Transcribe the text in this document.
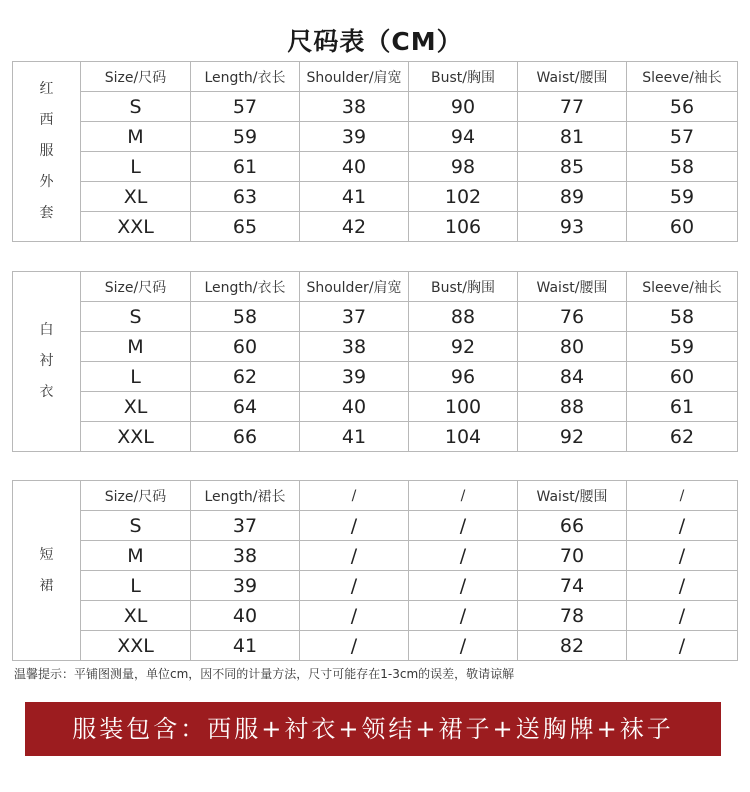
尺码表（CM）
红
西
服
外
套	Size/尺码	Length/衣长	Shoulder/肩宽	Bust/胸围	Waist/腰围	Sleeve/袖长
	S	57	38	90	77	56
	M	59	39	94	81	57
	L	61	40	98	85	58
	XL	63	41	102	89	59
	XXL	65	42	106	93	60
白
衬
衣	Size/尺码	Length/衣长	Shoulder/肩宽	Bust/胸围	Waist/腰围	Sleeve/袖长
	S	58	37	88	76	58
	M	60	38	92	80	59
	L	62	39	96	84	60
	XL	64	40	100	88	61
	XXL	66	41	104	92	62
短
裙	Size/尺码	Length/裙长	/	/	Waist/腰围	/
	S	37	/	/	66	/
	M	38	/	/	70	/
	L	39	/	/	74	/
	XL	40	/	/	78	/
	XXL	41	/	/	82	/
温馨提示：平铺图测量，单位cm，因不同的计量方法，尺寸可能存在1-3cm的误差，敬请谅解
服装包含：西服+衬衣+领结+裙子+送胸牌+袜子
